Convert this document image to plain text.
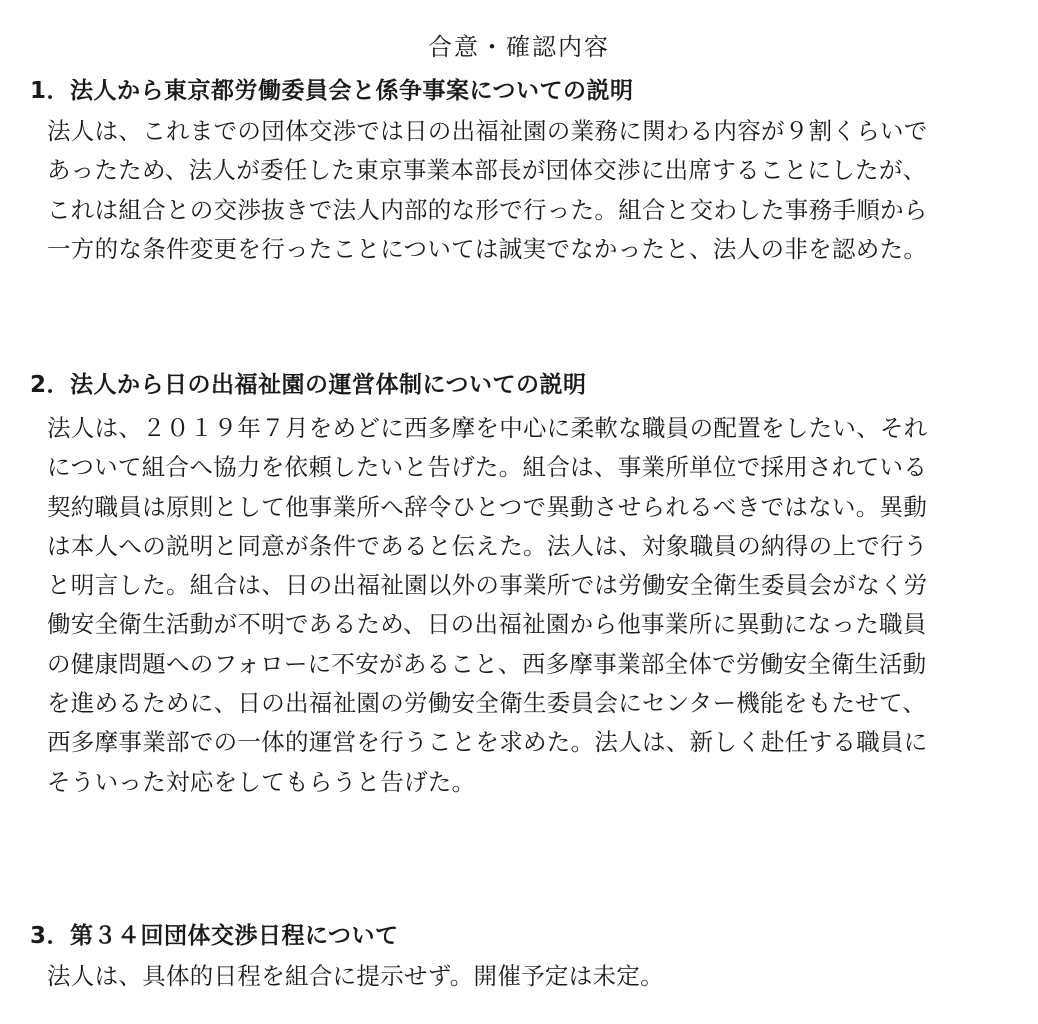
合意・確認内容
1．法人から東京都労働委員会と係争事案についての説明
法人は、これまでの団体交渉では日の出福祉園の業務に関わる内容が９割くらいで
あったため、法人が委任した東京事業本部長が団体交渉に出席することにしたが、
これは組合との交渉抜きで法人内部的な形で行った。組合と交わした事務手順から
一方的な条件変更を行ったことについては誠実でなかったと、法人の非を認めた。
2．法人から日の出福祉園の運営体制についての説明
法人は、２０１９年７月をめどに西多摩を中心に柔軟な職員の配置をしたい、それ
について組合へ協力を依頼したいと告げた。組合は、事業所単位で採用されている
契約職員は原則として他事業所へ辞令ひとつで異動させられるべきではない。異動
は本人への説明と同意が条件であると伝えた。法人は、対象職員の納得の上で行う
と明言した。組合は、日の出福祉園以外の事業所では労働安全衛生委員会がなく労
働安全衛生活動が不明であるため、日の出福祉園から他事業所に異動になった職員
の健康問題へのフォローに不安があること、西多摩事業部全体で労働安全衛生活動
を進めるために、日の出福祉園の労働安全衛生委員会にセンター機能をもたせて、
西多摩事業部での一体的運営を行うことを求めた。法人は、新しく赴任する職員に
そういった対応をしてもらうと告げた。
3．第３４回団体交渉日程について
法人は、具体的日程を組合に提示せず。開催予定は未定。
